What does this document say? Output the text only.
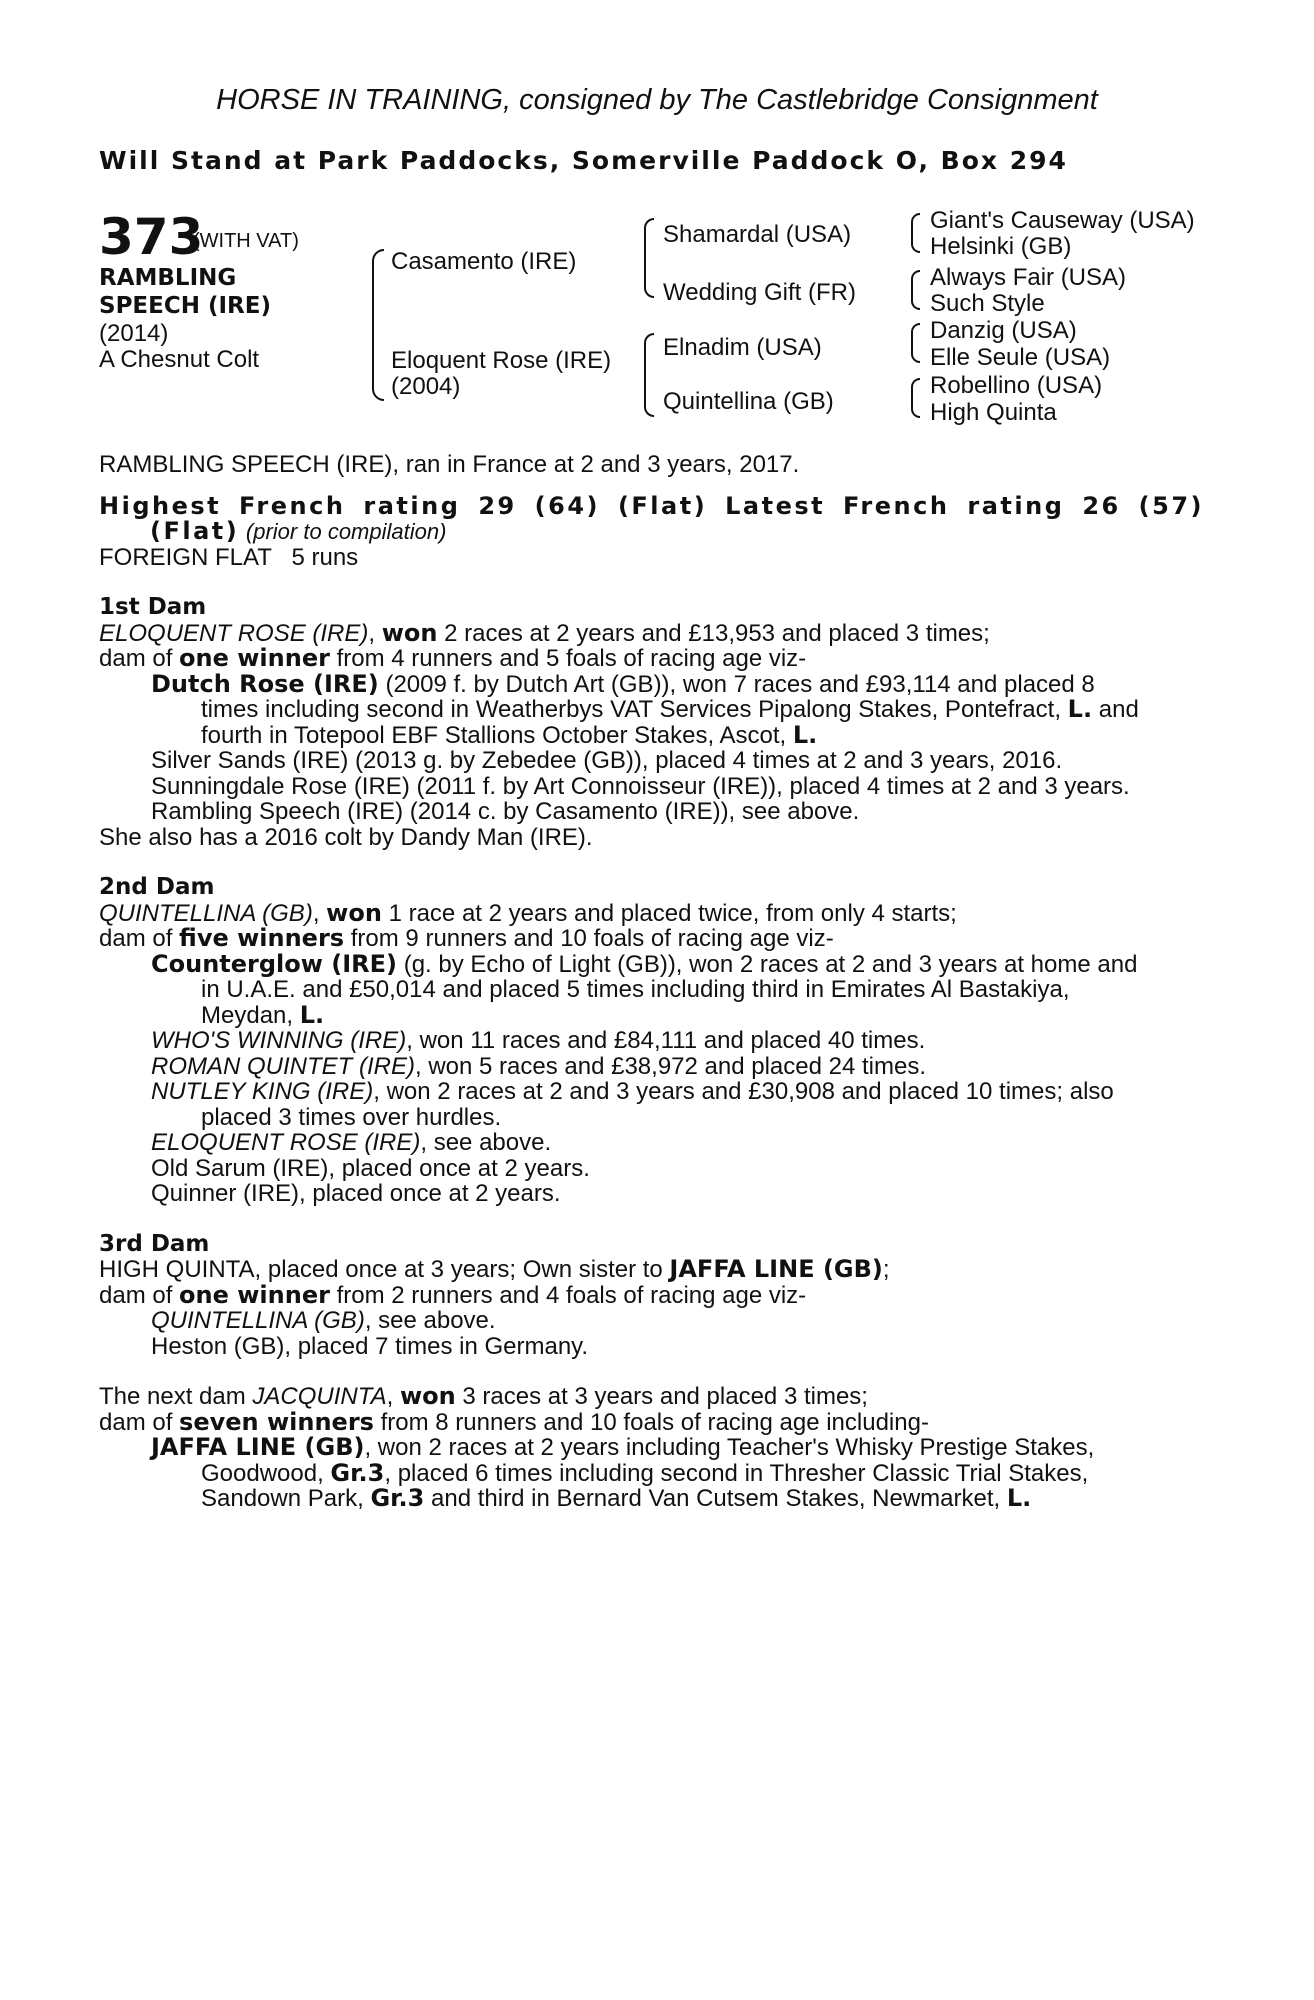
HORSE IN TRAINING, consigned by The Castlebridge Consignment
Will Stand at Park Paddocks, Somerville Paddock O, Box 294
373
(WITH VAT)
RAMBLING
SPEECH (IRE)
(2014)
A Chesnut Colt
Casamento (IRE)
Eloquent Rose (IRE)
(2004)
Shamardal (USA)
Wedding Gift (FR)
Elnadim (USA)
Quintellina (GB)
Giant's Causeway (USA)
Helsinki (GB)
Always Fair (USA)
Such Style
Danzig (USA)
Elle Seule (USA)
Robellino (USA)
High Quinta

RAMBLING SPEECH (IRE), ran in France at 2 and 3 years, 2017.

Highest French rating 29 (64) (Flat) Latest French rating 26 (57)

(Flat) (prior to compilation)

FOREIGN FLAT   5 runs

1st Dam

ELOQUENT ROSE (IRE), won 2 races at 2 years and £13,953 and placed 3 times;

dam of one winner from 4 runners and 5 foals of racing age viz-

Dutch Rose (IRE) (2009 f. by Dutch Art (GB)), won 7 races and £93,114 and placed 8

times including second in Weatherbys VAT Services Pipalong Stakes, Pontefract, L. and

fourth in Totepool EBF Stallions October Stakes, Ascot, L.

Silver Sands (IRE) (2013 g. by Zebedee (GB)), placed 4 times at 2 and 3 years, 2016.

Sunningdale Rose (IRE) (2011 f. by Art Connoisseur (IRE)), placed 4 times at 2 and 3 years.

Rambling Speech (IRE) (2014 c. by Casamento (IRE)), see above.

She also has a 2016 colt by Dandy Man (IRE).

2nd Dam

QUINTELLINA (GB), won 1 race at 2 years and placed twice, from only 4 starts;

dam of five winners from 9 runners and 10 foals of racing age viz-

Counterglow (IRE) (g. by Echo of Light (GB)), won 2 races at 2 and 3 years at home and

in U.A.E. and £50,014 and placed 5 times including third in Emirates Al Bastakiya,

Meydan, L.

WHO'S WINNING (IRE), won 11 races and £84,111 and placed 40 times.

ROMAN QUINTET (IRE), won 5 races and £38,972 and placed 24 times.

NUTLEY KING (IRE), won 2 races at 2 and 3 years and £30,908 and placed 10 times; also

placed 3 times over hurdles.

ELOQUENT ROSE (IRE), see above.

Old Sarum (IRE), placed once at 2 years.

Quinner (IRE), placed once at 2 years.

3rd Dam

HIGH QUINTA, placed once at 3 years; Own sister to JAFFA LINE (GB);

dam of one winner from 2 runners and 4 foals of racing age viz-

QUINTELLINA (GB), see above.

Heston (GB), placed 7 times in Germany.

The next dam JACQUINTA, won 3 races at 3 years and placed 3 times;

dam of seven winners from 8 runners and 10 foals of racing age including-

JAFFA LINE (GB), won 2 races at 2 years including Teacher's Whisky Prestige Stakes,

Goodwood, Gr.3, placed 6 times including second in Thresher Classic Trial Stakes,

Sandown Park, Gr.3 and third in Bernard Van Cutsem Stakes, Newmarket, L.
